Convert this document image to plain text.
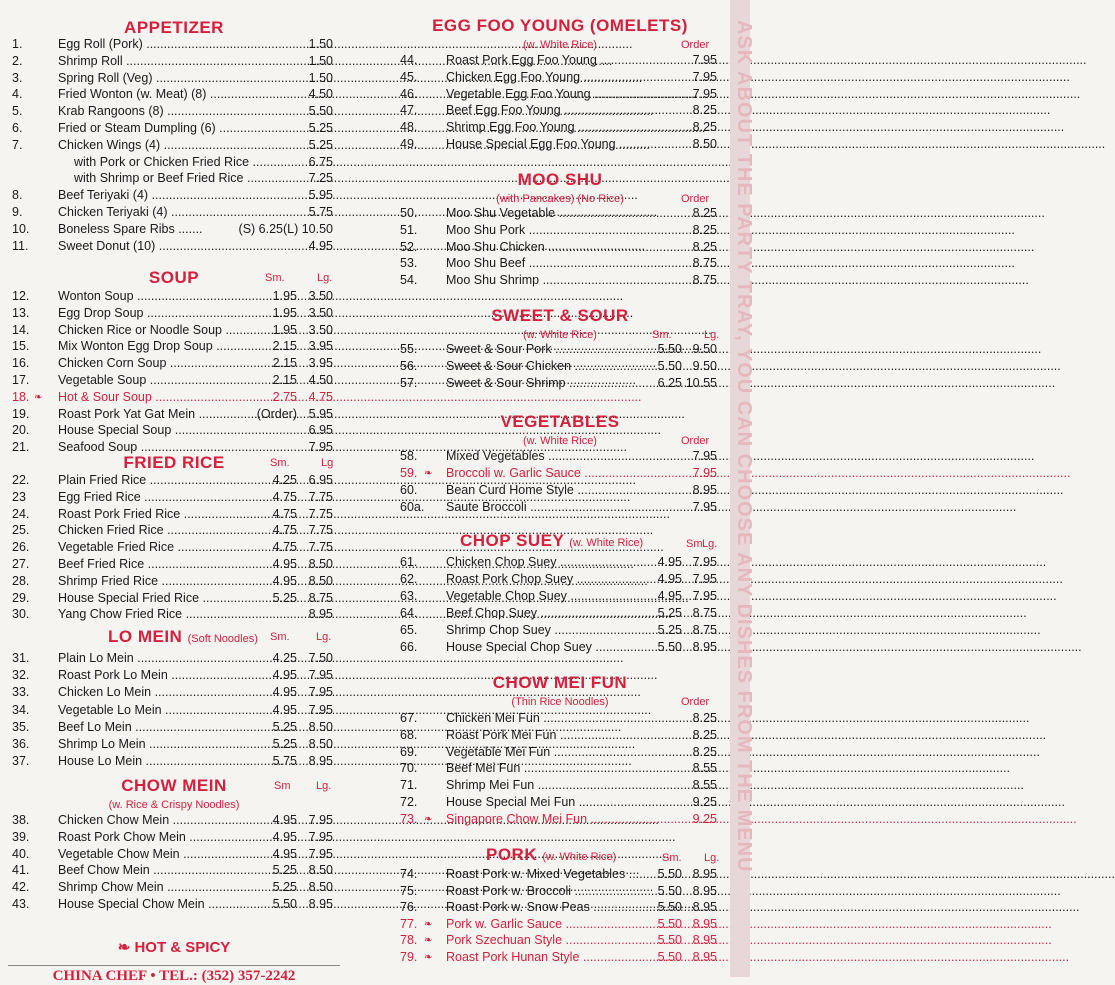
APPETIZER
1.	Egg Roll (Pork) .....	1.50
2.	Shrimp Roll .....	1.50
3.	Spring Roll (Veg) .....	1.50
4.	Fried Wonton (w. Meat) (8) .....	4.50
5.	Krab Rangoons (8) .....	5.50
6.	Fried or Steam Dumpling (6) .....	5.25
7.	Chicken Wings (4) .....	5.25
with Pork or Chicken Fried Rice .....	6.75
with Shrimp or Beef Fried Rice .....	7.25
8.	Beef Teriyaki (4) .....	5.95
9.	Chicken Teriyaki (4) .....	5.75
10.	Boneless Spare Ribs .....	(S) 6.25 (L) 10.50
11.	Sweet Donut (10) .....	4.95
SOUP	Sm.	Lg.
12.	Wonton Soup .....	1.95 3.50
13.	Egg Drop Soup .....	1.95 3.50
14.	Chicken Rice or Noodle Soup .....	1.95 3.50
15.	Mix Wonton Egg Drop Soup .....	2.15 3.95
16.	Chicken Corn Soup .....	2.15 3.95
17.	Vegetable Soup .....	2.15 4.50
18. ❧ Hot & Sour Soup .....	2.75 4.75
19.	Roast Pork Yat Gat Mein .....	(Order) 5.95
20.	House Special Soup .....	6.95
21.	Seafood Soup .....	7.95
FRIED RICE	Sm.	Lg
22.	Plain Fried Rice .....	4.25 6.95
23	Egg Fried Rice .....	4.75 7.75
24.	Roast Pork Fried Rice .....	4.75 7.75
25.	Chicken Fried Rice .....	4.75 7.75
26.	Vegetable Fried Rice .....	4.75 7.75
27.	Beef Fried Rice .....	4.95 8.50
28.	Shrimp Fried Rice .....	4.95 8.50
29.	House Special Fried Rice .....	5.25 8.75
30.	Yang Chow Fried Rice .....	8.95
LO MEIN (Soft Noodles)	Sm. Lg.
31.	Plain Lo Mein .....	4.25 7.50
32.	Roast Pork Lo Mein .....	4.95 7.95
33.	Chicken Lo Mein .....	4.95 7.95
34.	Vegetable Lo Mein .....	4.95 7.95
35.	Beef Lo Mein .....	5.25 8.50
36.	Shrimp Lo Mein .....	5.25 8.50
37.	House Lo Mein .....	5.75 8.95
CHOW MEIN
(w. Rice & Crispy Noodles)
Sm Lg.
38.	Chicken Chow Mein .....	4.95 7.95
39.	Roast Pork Chow Mein .....	4.95 7.95
40.	Vegetable Chow Mein .....	4.95 7.95
41.	Beef Chow Mein .....	5.25 8.50
42.	Shrimp Chow Mein .....	5.25 8.50
43.	House Special Chow Mein .....	5.50 8.95
EGG FOO YOUNG (OMELETS)
(w. White Rice)	Order
44.	Roast Pork Egg Foo Young .....	7.95
45.	Chicken Egg Foo Young .....	7.95
46.	Vegetable Egg Foo Young .....	7.95
47.	Beef Egg Foo Young .....	8.25
48.	Shrimp Egg Foo Young .....	8.25
49.	House Special Egg Foo Young .....	8.50
MOO SHU
(with Pancakes) (No Rice)	Order
50.	Moo Shu Vegetable .....	8.25
51.	Moo Shu Pork .....	8.25
52.	Moo Shu Chicken .....	8.25
53.	Moo Shu Beef .....	8.75
54.	Moo Shu Shrimp .....	8.75
SWEET & SOUR
(w. White Rice)	Sm.	Lg.
55.	Sweet & Sour Pork .....	5.50 9.50
56.	Sweet & Sour Chicken .....	5.50 9.50
57.	Sweet & Sour Shrimp .....	6.25 10.55
VEGETABLES
(w. White Rice)	Order
58.	Mixed Vegetables .....	7.95
59. ❧ Broccoli w. Garlic Sauce .....	7.95
60.	Bean Curd Home Style .....	8.95
60a.	Saute Broccoli .....	7.95
CHOP SUEY (w. White Rice)	Sm.
Lg.
61.	Chicken Chop Suey .....	4.95 7.95
62.	Roast Pork Chop Suey .....	4.95 7.95
63.	Vegetable Chop Suey .....	4.95 7.95
64.	Beef Chop Suey .....	5.25 8.75
65.	Shrimp Chop Suey .....	5.25 8.75
66.	House Special Chop Suey .....	5.50 8.95
CHOW MEI FUN
(Thin Rice Noodles)	Order
67.	Chicken Mei Fun .....	8.25
68.	Roast Pork Mei Fun .....	8.25
69.	Vegetable Mei Fun .....	8.25
70.	Beef Mei Fun .....	8.55
71.	Shrimp Mei Fun .....	8.55
72.	House Special Mei Fun .....	9.25
73. ❧ Singapore Chow Mei Fun .....	9.25
PORK (w. White Rice)	Sm. Lg.
74.	Roast Pork w. Mixed Vegetables .....	5.50 8.95
75.	Roast Pork w. Broccoli .....	5.50 8.95
76.	Roast Pork w. Snow Peas .....	5.50 8.95
77. ❧ Pork w. Garlic Sauce .....	5.50 8.95
78. ❧ Pork Szechuan Style .....	5.50 8.95
79. ❧ Roast Pork Hunan Style .....	5.50 8.95
❧ HOT & SPICY
CHINA CHEF • TEL.: (352) 357-2242
ASK ABOUT THE PARTY TRAY, YOU CAN CHOOSE ANY DISHES FROM THE MENU
